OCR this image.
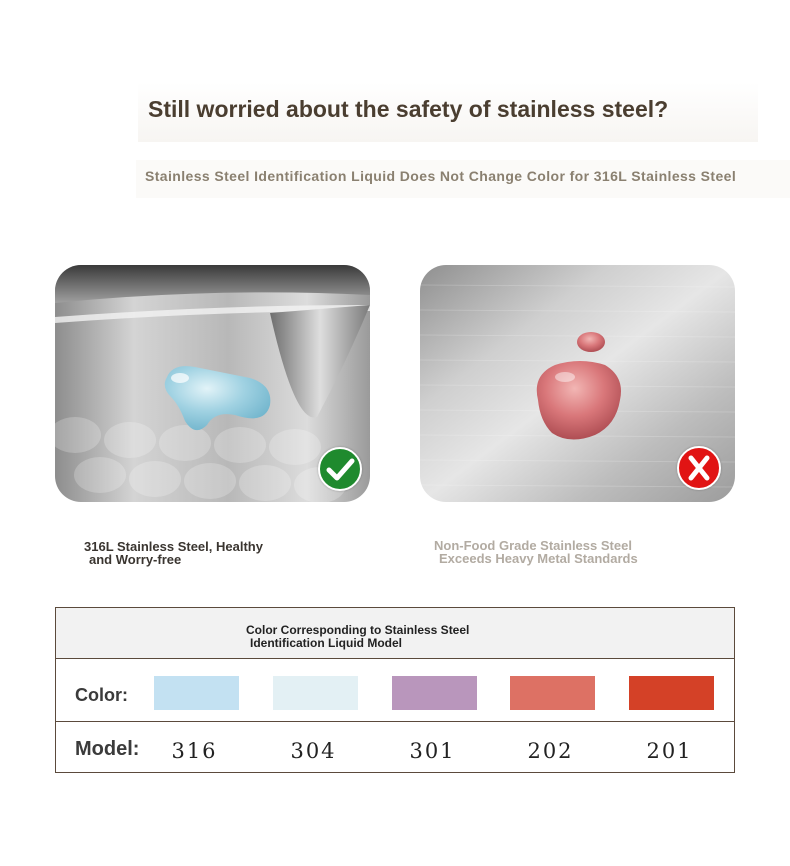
Still worried about the safety of stainless steel?
Stainless Steel Identification Liquid Does Not Change Color for 316L Stainless Steel
316L Stainless Steel, Healthy
and Worry-free
Non-Food Grade Stainless Steel
Exceeds Heavy Metal Standards
Color Corresponding to Stainless Steel
Identification Liquid Model
Color:
Model:	316	304	301	202	201
